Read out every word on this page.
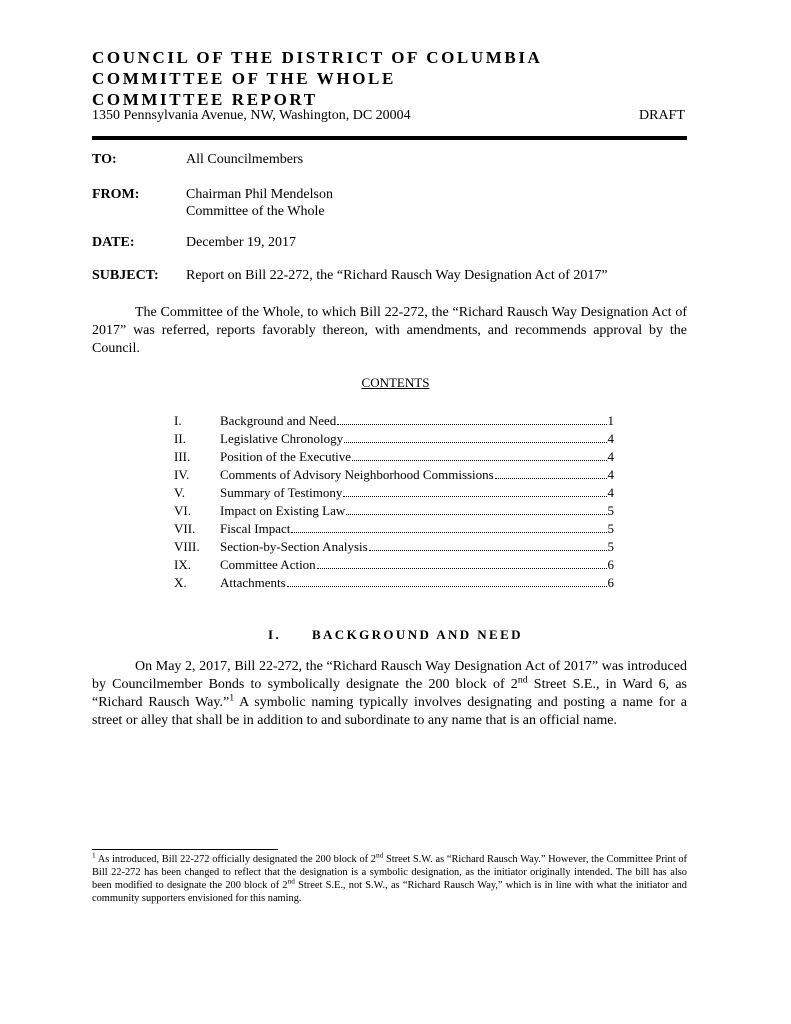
COUNCIL OF THE DISTRICT OF COLUMBIA
COMMITTEE OF THE WHOLE
COMMITTEE REPORT
1350 Pennsylvania Avenue, NW, Washington, DC 20004	DRAFT
TO:	All Councilmembers
FROM:	Chairman Phil Mendelson
Committee of the Whole
DATE:	December 19, 2017
SUBJECT: Report on Bill 22-272, the “Richard Rausch Way Designation Act of 2017”
The Committee of the Whole, to which Bill 22-272, the “Richard Rausch Way Designation Act of 2017” was referred, reports favorably thereon, with amendments, and recommends approval by the Council.
CONTENTS
I.	Background and Need	1
II.	Legislative Chronology	4
III. Position of the Executive	4
IV. Comments of Advisory Neighborhood Commissions	4
V.	Summary of Testimony	4
VI. Impact on Existing Law	5
VII. Fiscal Impact	5
VIII. Section-by-Section Analysis	5
IX. Committee Action	6
X.	Attachments	6
I.  BACKGROUND AND NEED
On May 2, 2017, Bill 22-272, the “Richard Rausch Way Designation Act of 2017” was introduced by Councilmember Bonds to symbolically designate the 200 block of 2nd Street S.E., in Ward 6, as “Richard Rausch Way.”$^1$ A symbolic naming typically involves designating and posting a name for a street or alley that shall be in addition to and subordinate to any name that is an official name.
$^1$ As introduced, Bill 22-272 officially designated the 200 block of 2nd Street S.W. as “Richard Rausch Way.” However, the Committee Print of Bill 22-272 has been changed to reflect that the designation is a symbolic designation, as the initiator originally intended. The bill has also been modified to designate the 200 block of 2nd Street S.E., not S.W., as “Richard Rausch Way,” which is in line with what the initiator and community supporters envisioned for this naming.
